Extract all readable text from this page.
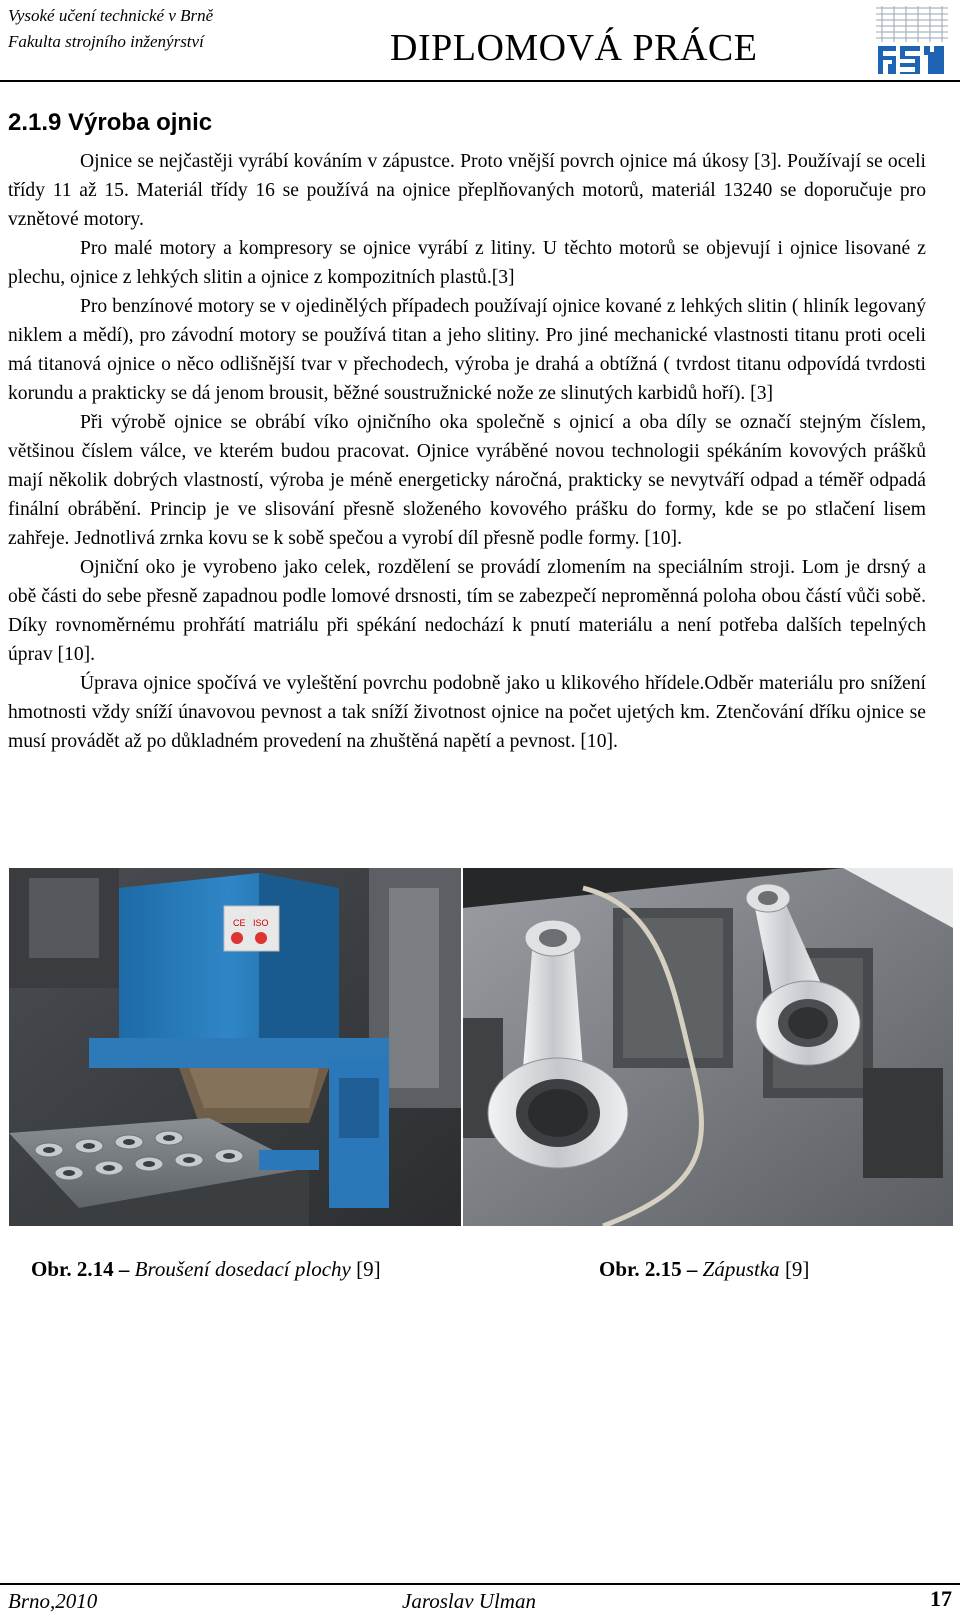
Vysoké učení technické v Brně
Fakulta strojního inženýrství	DIPLOMOVÁ PRÁCE
FSI
2.1.9 Výroba ojnic

Ojnice se nejčastěji vyrábí kováním v zápustce. Proto vnější povrch ojnice má úkosy [3]. Používají se oceli třídy 11 až 15. Materiál třídy 16 se používá na ojnice přeplňovaných motorů, materiál 13240 se doporučuje pro vznětové motory.

Pro malé motory a kompresory se ojnice vyrábí z litiny. U těchto motorů se objevují i ojnice lisované z plechu, ojnice z lehkých slitin a ojnice z kompozitních plastů.[3]

Pro benzínové motory se v ojedinělých případech používají ojnice kované z lehkých slitin ( hliník legovaný niklem a mědí), pro závodní motory se používá titan a jeho slitiny. Pro jiné mechanické vlastnosti titanu proti oceli má titanová ojnice o něco odlišnější tvar v přechodech, výroba je drahá a obtížná ( tvrdost titanu odpovídá tvrdosti korundu a prakticky se dá jenom brousit, běžné soustružnické nože ze slinutých karbidů hoří). [3]

Při výrobě ojnice se obrábí víko ojničního oka společně s ojnicí a oba díly se označí stejným číslem, většinou číslem válce, ve kterém budou pracovat. Ojnice vyráběné novou technologii spékáním kovových prášků mají několik dobrých vlastností, výroba je méně energeticky náročná, prakticky se nevytváří odpad a téměř odpadá finální obrábění. Princip je ve slisování přesně složeného kovového prášku do formy, kde se po stlačení lisem zahřeje. Jednotlivá zrnka kovu se k sobě spečou a vyrobí díl přesně podle formy. [10].

Ojniční oko je vyrobeno jako celek, rozdělení se provádí zlomením na speciálním stroji. Lom je drsný a obě části do sebe přesně zapadnou podle lomové drsnosti, tím se zabezpečí neproměnná poloha obou částí vůči sobě. Díky rovnoměrnému prohřátí matriálu při spékání nedochází k pnutí materiálu a není potřeba dalších tepelných úprav [10].

Úprava ojnice spočívá ve vyleštění povrchu podobně jako u klikového hřídele.Odběr materiálu pro snížení hmotnosti vždy sníží únavovou pevnost a tak sníží životnost ojnice na počet ujetých km. Ztenčování dříku ojnice se musí provádět až po důkladném provedení na zhuštěná napětí a pevnost. [10].

CE ISO
Obr. 2.14 – Broušení dosedací plochy [9]	Obr. 2.15 – Zápustka [9]
Brno,2010	Jaroslav Ulman	17
